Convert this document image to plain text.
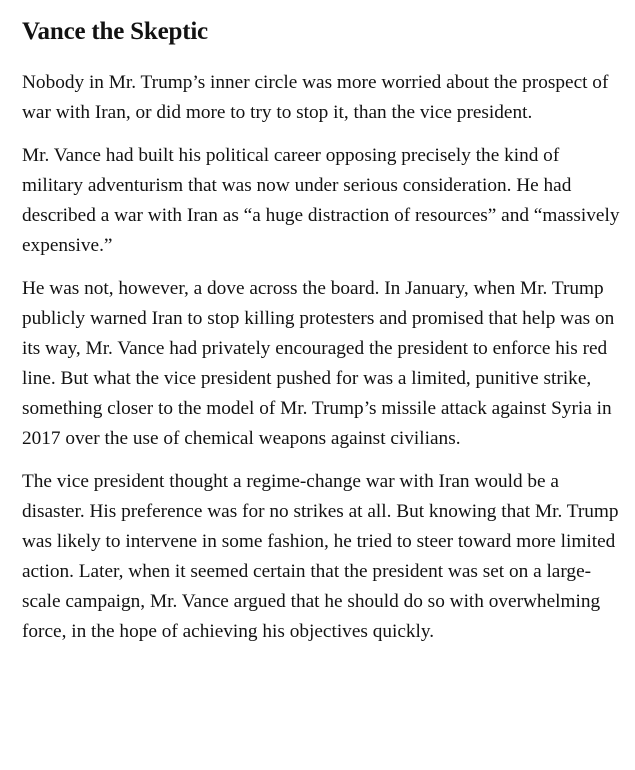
Vance the Skeptic

Nobody in Mr. Trump’s inner circle was more worried about the prospect of war with Iran, or did more to try to stop it, than the vice president.

Mr. Vance had built his political career opposing precisely the kind of military adventurism that was now under serious consideration. He had described a war with Iran as “a huge distraction of resources” and “massively expensive.”

He was not, however, a dove across the board. In January, when Mr. Trump publicly warned Iran to stop killing protesters and promised that help was on its way, Mr. Vance had privately encouraged the president to enforce his red line. But what the vice president pushed for was a limited, punitive strike, something closer to the model of Mr. Trump’s missile attack against Syria in 2017 over the use of chemical weapons against civilians.

The vice president thought a regime-change war with Iran would be a disaster. His preference was for no strikes at all. But knowing that Mr. Trump was likely to intervene in some fashion, he tried to steer toward more limited action. Later, when it seemed certain that the president was set on a large-scale campaign, Mr. Vance argued that he should do so with overwhelming force, in the hope of achieving his objectives quickly.
